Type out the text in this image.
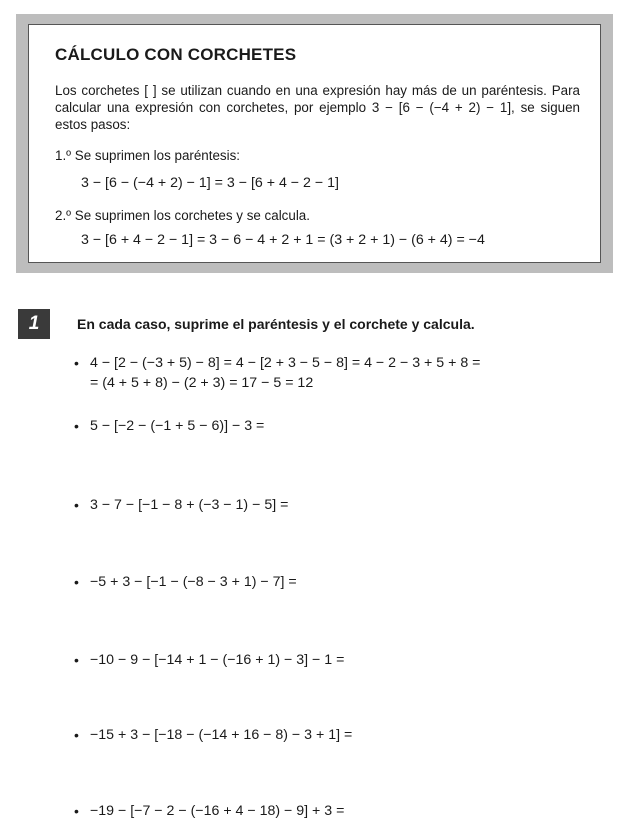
CÁLCULO CON CORCHETES

Los corchetes [ ] se utilizan cuando en una expresión hay más de un paréntesis. Para calcular una expresión con corchetes, por ejemplo 3 − [6 − (−4 + 2) − 1], se siguen estos pasos:

1.º Se suprimen los paréntesis:

3 − [6 − (−4 + 2) − 1] = 3 − [6 + 4 − 2 − 1]

2.º Se suprimen los corchetes y se calcula.

3 − [6 + 4 − 2 − 1] = 3 − 6 − 4 + 2 + 1 = (3 + 2 + 1) − (6 + 4) = −4

1	En cada caso, suprime el paréntesis y el corchete y calcula.

• 4 − [2 − (−3 + 5) − 8] = 4 − [2 + 3 − 5 − 8] = 4 − 2 − 3 + 5 + 8 =
= (4 + 5 + 8) − (2 + 3) = 17 − 5 = 12
• 5 − [−2 − (−1 + 5 − 6)] − 3 =
• 3 − 7 − [−1 − 8 + (−3 − 1) − 5] =
• −5 + 3 − [−1 − (−8 − 3 + 1) − 7] =
• −10 − 9 − [−14 + 1 − (−16 + 1) − 3] − 1 =
• −15 + 3 − [−18 − (−14 + 16 − 8) − 3 + 1] =
• −19 − [−7 − 2 − (−16 + 4 − 18) − 9] + 3 =
